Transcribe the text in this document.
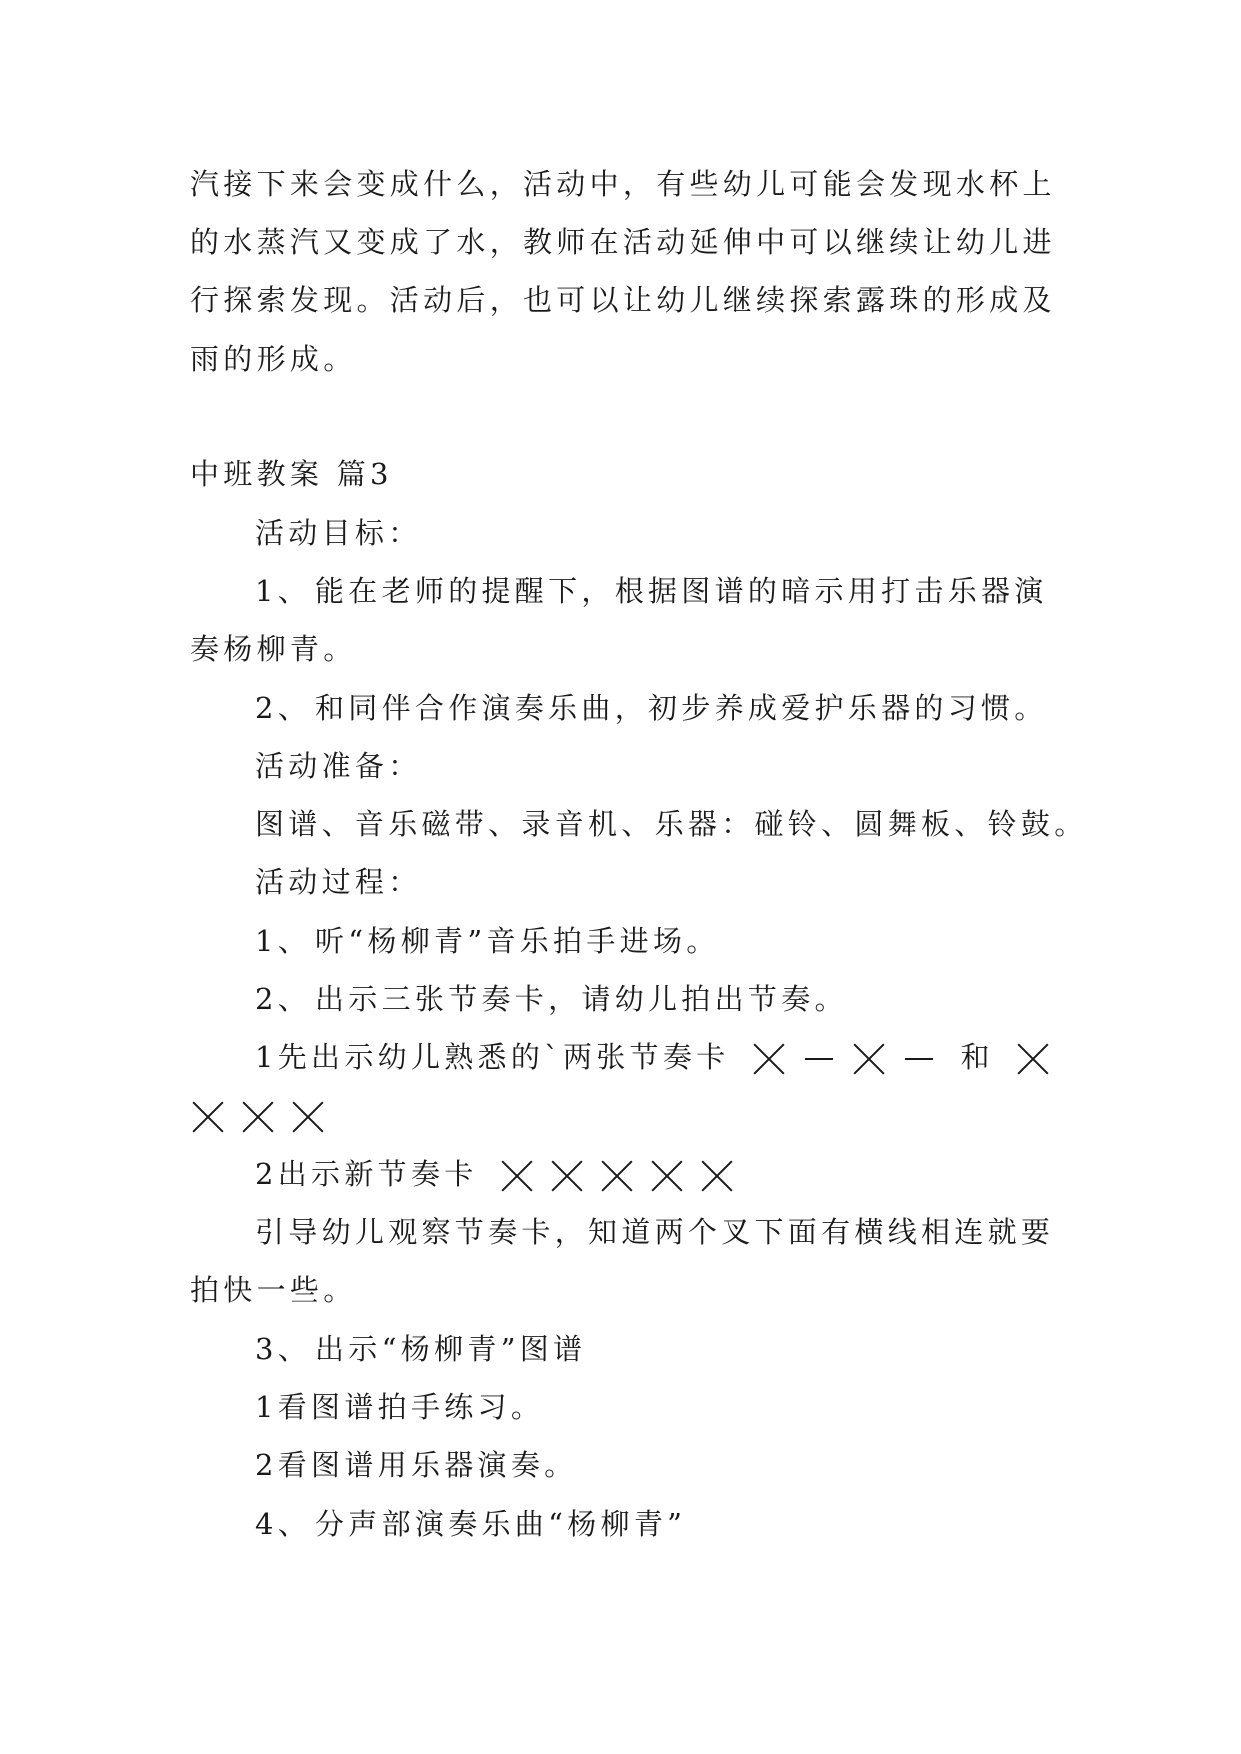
汽接下来会变成什么，活动中，有些幼儿可能会发现水杯上
的水蒸汽又变成了水，教师在活动延伸中可以继续让幼儿进
行探索发现。活动后，也可以让幼儿继续探索露珠的形成及
雨的形成。
中班教案 篇3
活动目标：
1、 能在老师的提醒下，根据图谱的暗示用打击乐器演
奏杨柳青。
2、 和同伴合作演奏乐曲，初步养成爱护乐器的习惯。
活动准备：
图谱、音乐磁带、录音机、乐器：碰铃、圆舞板、铃鼓。
活动过程：
1、 听“杨柳青”音乐拍手进场。
2、 出示三张节奏卡，请幼儿拍出节奏。
1先出示幼儿熟悉的`两张节奏卡	和
2出示新节奏卡
引导幼儿观察节奏卡，知道两个叉下面有横线相连就要
拍快一些。
3、 出示“杨柳青”图谱
1看图谱拍手练习。
2看图谱用乐器演奏。
4、 分声部演奏乐曲“杨柳青”
